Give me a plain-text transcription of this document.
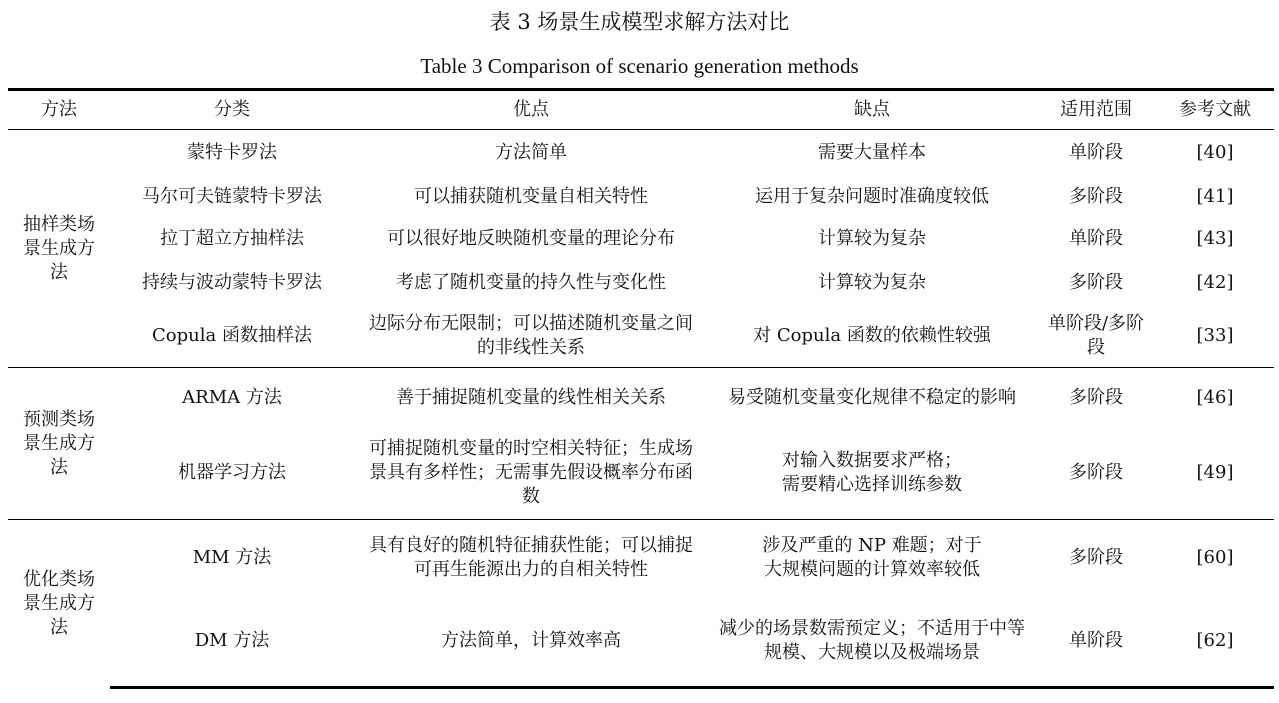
表 3 场景生成模型求解方法对比
Table 3 Comparison of scenario generation methods
方法	分类	优点	缺点	适用范围	参考文献
抽样类场景生成方法	蒙特卡罗法	方法简单	需要大量样本	单阶段	[40]
	马尔可夫链蒙特卡罗法	可以捕获随机变量自相关特性	运用于复杂问题时准确度较低	多阶段	[41]
	拉丁超立方抽样法	可以很好地反映随机变量的理论分布	计算较为复杂	单阶段	[43]
	持续与波动蒙特卡罗法	考虑了随机变量的持久性与变化性	计算较为复杂	多阶段	[42]
	Copula 函数抽样法	边际分布无限制；可以描述随机变量之间的非线性关系	对 Copula 函数的依赖性较强	单阶段/多阶段	[33]
预测类场景生成方法	ARMA 方法	善于捕捉随机变量的线性相关关系	易受随机变量变化规律不稳定的影响	多阶段	[46]
	机器学习方法	可捕捉随机变量的时空相关特征；生成场景具有多样性；无需事先假设概率分布函数	对输入数据要求严格；需要精心选择训练参数	多阶段	[49]
优化类场景生成方法	MM 方法	具有良好的随机特征捕获性能；可以捕捉可再生能源出力的自相关特性	涉及严重的 NP 难题；对于大规模问题的计算效率较低	多阶段	[60]
	DM 方法	方法简单，计算效率高	减少的场景数需预定义；不适用于中等规模、大规模以及极端场景	单阶段	[62]
